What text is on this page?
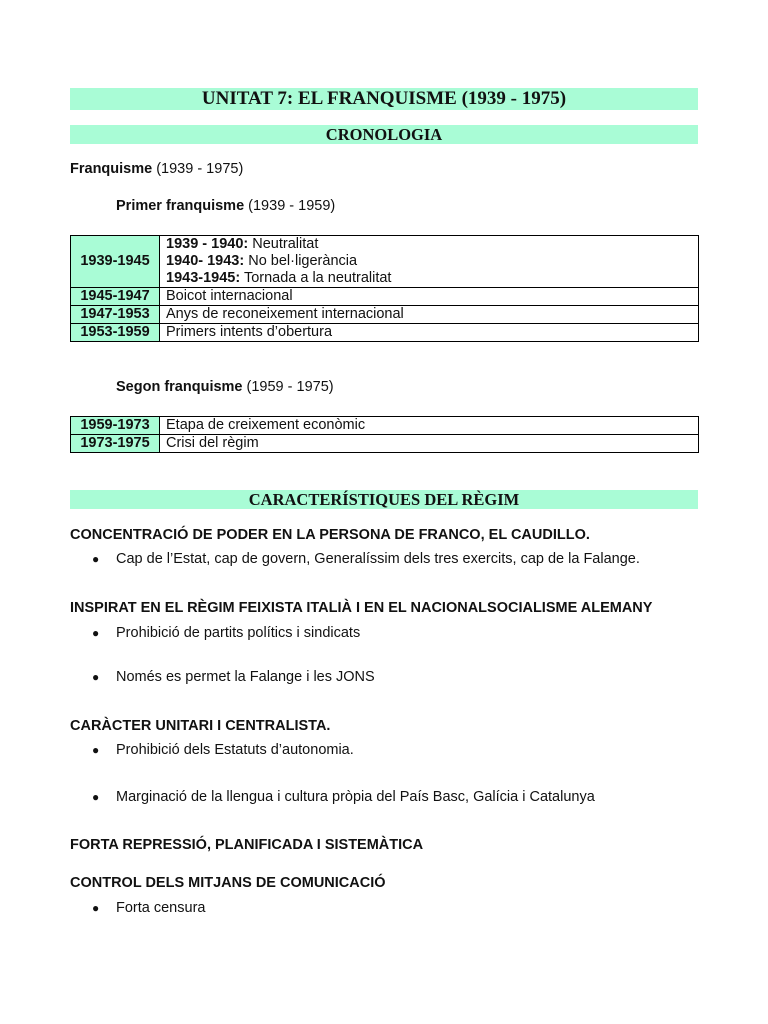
UNITAT 7: EL FRANQUISME (1939 - 1975)
CRONOLOGIA
Franquisme (1939 - 1975)
Primer franquisme (1939 - 1959)
1939-1945	1939 - 1940: Neutralitat
1940- 1943: No bel·ligerància
1943-1945: Tornada a la neutralitat

1945-1947	Boicot internacional
1947-1953	Anys de reconeixement internacional
1953-1959	Primers intents d’obertura
Segon franquisme (1959 - 1975)
1959-1973	Etapa de creixement econòmic
1973-1975	Crisi del règim
CARACTERÍSTIQUES DEL RÈGIM
CONCENTRACIÓ DE PODER EN LA PERSONA DE FRANCO, EL CAUDILLO.
● Cap de l’Estat, cap de govern, Generalíssim dels tres exercits, cap de la Falange.
INSPIRAT EN EL RÈGIM FEIXISTA ITALIÀ I EN EL NACIONALSOCIALISME ALEMANY
● Prohibició de partits polítics i sindicats
● Només es permet la Falange i les JONS
CARÀCTER UNITARI I CENTRALISTA.
● Prohibició dels Estatuts d’autonomia.
● Marginació de la llengua i cultura pròpia del País Basc, Galícia i Catalunya
FORTA REPRESSIÓ, PLANIFICADA I SISTEMÀTICA
CONTROL DELS MITJANS DE COMUNICACIÓ
● Forta censura
